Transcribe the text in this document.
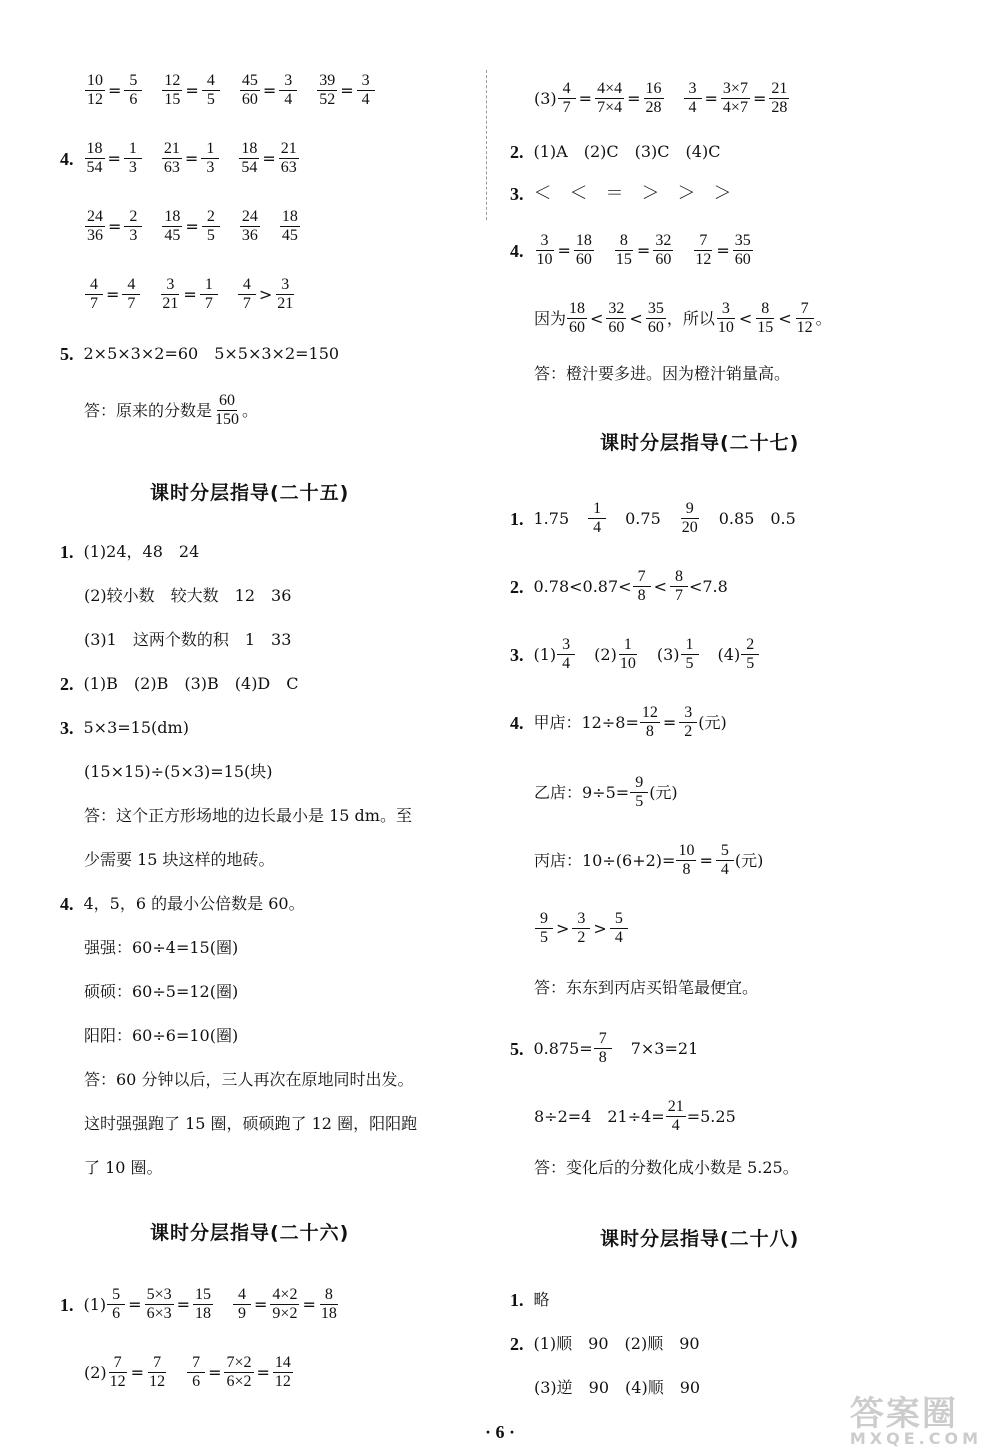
$\frac{10}{12} = \frac{5}{6} \frac{12}{15} = \frac{4}{5} \frac{45}{60} = \frac{3}{4} \frac{39}{52} = \frac{3}{4}$
4. $\frac{18}{54} = \frac{1}{3} \frac{21}{63} = \frac{1}{3} \frac{18}{54} = \frac{21}{63}$
$\frac{24}{36} = \frac{2}{3} \frac{18}{45} = \frac{2}{5} \frac{24}{36} \frac{18}{45}$
$\frac{4}{7} = \frac{4}{7} \frac{3}{21} = \frac{1}{7} \frac{4}{7} > \frac{3}{21}$
5. 2×5×3×2=60　5×5×3×2=150
答：原来的分数是 $\frac{60}{150}$ 。
课时分层指导(二十五)
1. (1)24，48　24
(2)较小数　较大数　12　36
(3)1　这两个数的积　1　33
2. (1)B　(2)B　(3)B　(4)D　C
3. 5×3=15(dm)
(15×15)÷(5×3)=15(块)
答：这个正方形场地的边长最小是 15 dm。至
少需要 15 块这样的地砖。
4. 4，5，6 的最小公倍数是 60。
强强：60÷4=15(圈)
硕硕：60÷5=12(圈)
阳阳：60÷6=10(圈)
答：60 分钟以后，三人再次在原地同时出发。
这时强强跑了 15 圈，硕硕跑了 12 圈，阳阳跑
了 10 圈。
课时分层指导(二十六)
1. $(1) \frac{5}{6} = \frac{5\times 3}{6\times 3} = \frac{15}{18} \frac{4}{9} = \frac{4\times 2}{9\times 2} = \frac{8}{18}$
$(2) \frac{7}{12} = \frac{7}{12} \frac{7}{6} = \frac{7\times 2}{6\times 2} = \frac{14}{12}$
$(3) \frac{4}{7} = \frac{4\times 4}{7\times 4} = \frac{16}{28} \frac{3}{4} = \frac{3\times 7}{4\times 7} = \frac{21}{28}$
2. (1)A　(2)C　(3)C　(4)C
3. ＜　＜　＝　＞　＞　＞
4. $\frac{3}{10} = \frac{18}{60} \frac{8}{15} = \frac{32}{60} \frac{7}{12} = \frac{35}{60}$
因为 $\frac{18}{60} < \frac{32}{60} < \frac{35}{60}$ ，所以 $\frac{3}{10} < \frac{8}{15} < \frac{7}{12}$ 。
答：橙汁要多进。因为橙汁销量高。
课时分层指导(二十七)
1. $1.75 \frac{1}{4} 0.75 \frac{9}{20} 0.85$　0.5
2. $0.78<0.87< \frac{7}{8} < \frac{8}{7} <7.8$
3. $(1) \frac{3}{4} (2) \frac{1}{10} (3) \frac{1}{5} (4) \frac{2}{5}$
4. 甲店：$12\div 8= \frac{12}{8} = \frac{3}{2}$ (元)
乙店：$9\div 5= \frac{9}{5}$ (元)
丙店：$10\div(6+2)= \frac{10}{8} = \frac{5}{4}$ (元)
$\frac{9}{5} > \frac{3}{2} > \frac{5}{4}$
答：东东到丙店买铅笔最便宜。
5. $0.875= \frac{7}{8} 7\times 3=21$
8÷2=4　$21\div 4= \frac{21}{4} =5.25$
答：变化后的分数化成小数是 5.25。
课时分层指导(二十八)
1. 略
2. (1)顺　90　(2)顺　90
(3)逆　90　(4)顺　90
· 6 ·	答案圈
MXQE.COM
